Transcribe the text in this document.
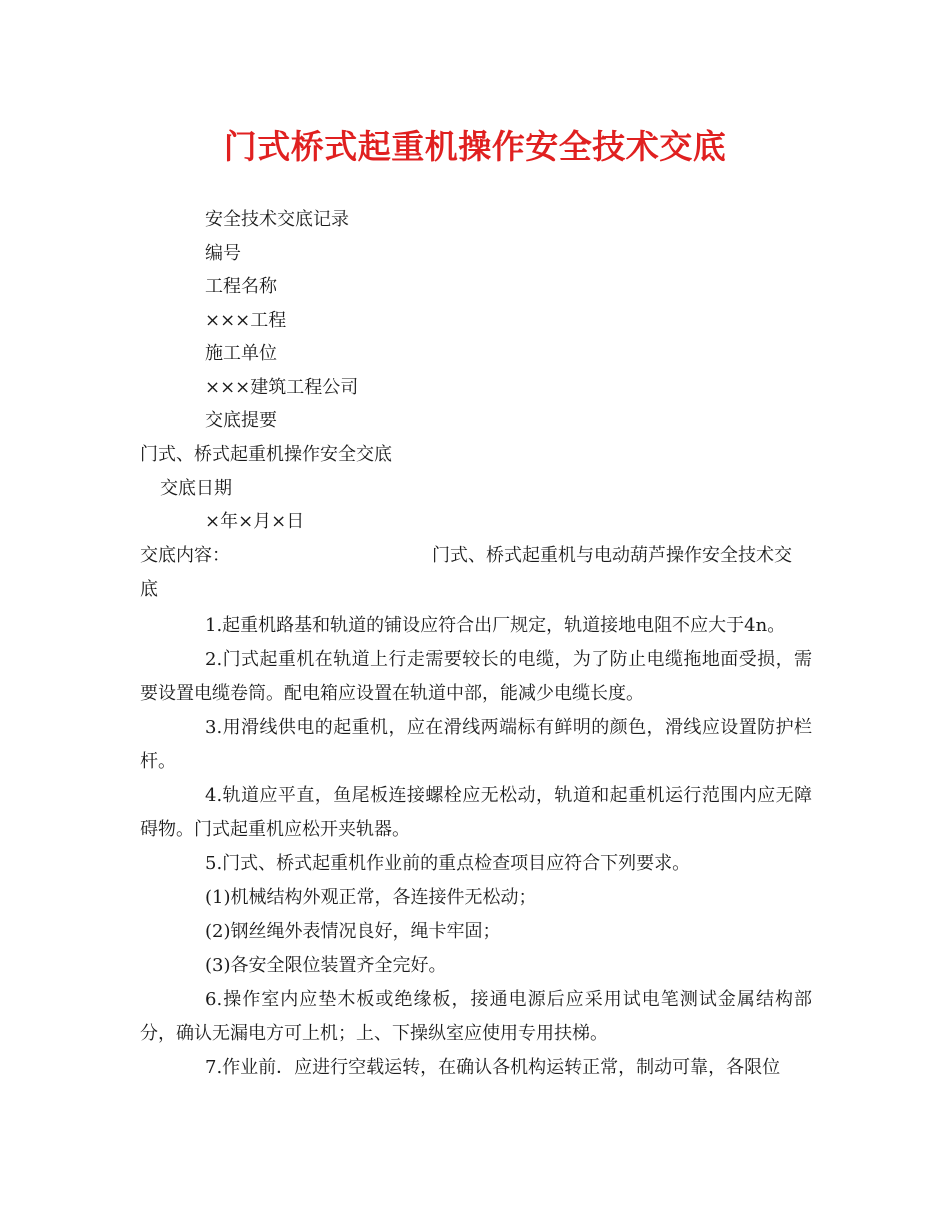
门式桥式起重机操作安全技术交底
安全技术交底记录
编号
工程名称
×××工程
施工单位
×××建筑工程公司
交底提要
门式、桥式起重机操作安全交底
交底日期
×年×月×日
交底内容：	门式、桥式起重机与电动葫芦操作安全技术交
底

1.起重机路基和轨道的铺设应符合出厂规定，轨道接地电阻不应大于4n。

2.门式起重机在轨道上行走需要较长的电缆，为了防止电缆拖地面受损，需要设置电缆卷筒。配电箱应设置在轨道中部，能减少电缆长度。

3.用滑线供电的起重机，应在滑线两端标有鲜明的颜色，滑线应设置防护栏杆。

4.轨道应平直，鱼尾板连接螺栓应无松动，轨道和起重机运行范围内应无障碍物。门式起重机应松开夹轨器。

5.门式、桥式起重机作业前的重点检查项目应符合下列要求。

(1)机械结构外观正常，各连接件无松动；

(2)钢丝绳外表情况良好，绳卡牢固；

(3)各安全限位装置齐全完好。

6.操作室内应垫木板或绝缘板，接通电源后应采用试电笔测试金属结构部分，确认无漏电方可上机；上、下操纵室应使用专用扶梯。

7.作业前．应进行空载运转，在确认各机构运转正常，制动可靠，各限位
